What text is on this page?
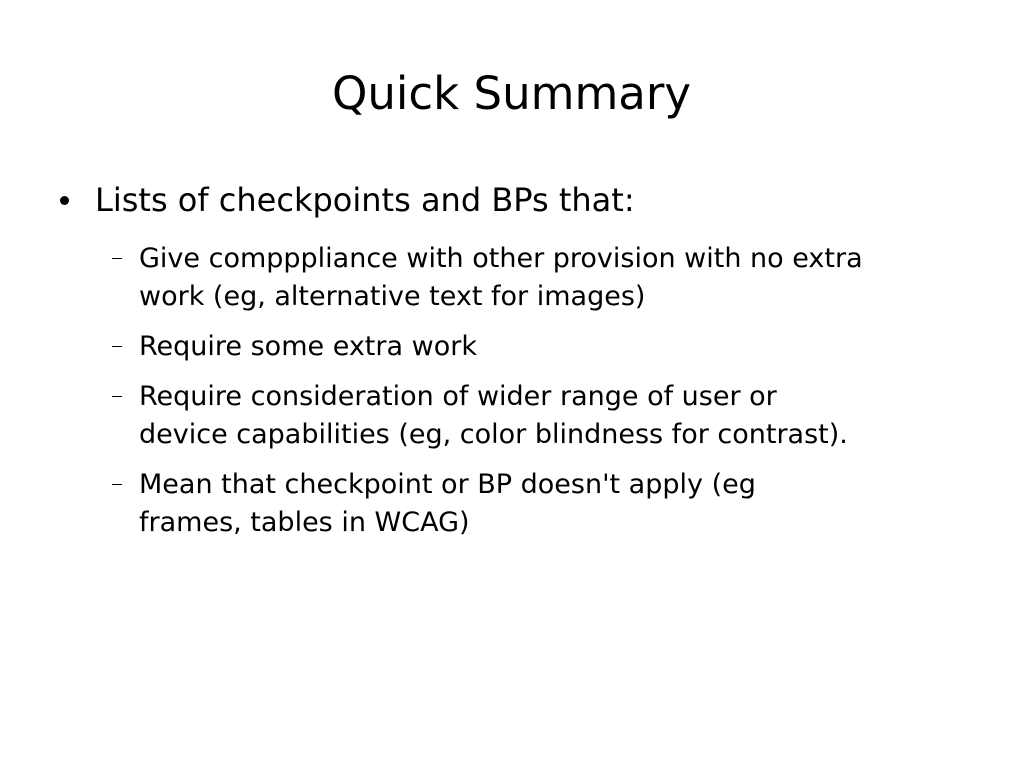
Quick Summary
Lists of checkpoints and BPs that:
Give compppliance with other provision with no extra
work (eg, alternative text for images)
Require some extra work
Require consideration of wider range of user or
device capabilities (eg, color blindness for contrast).
Mean that checkpoint or BP doesn't apply (eg
frames, tables in WCAG)
